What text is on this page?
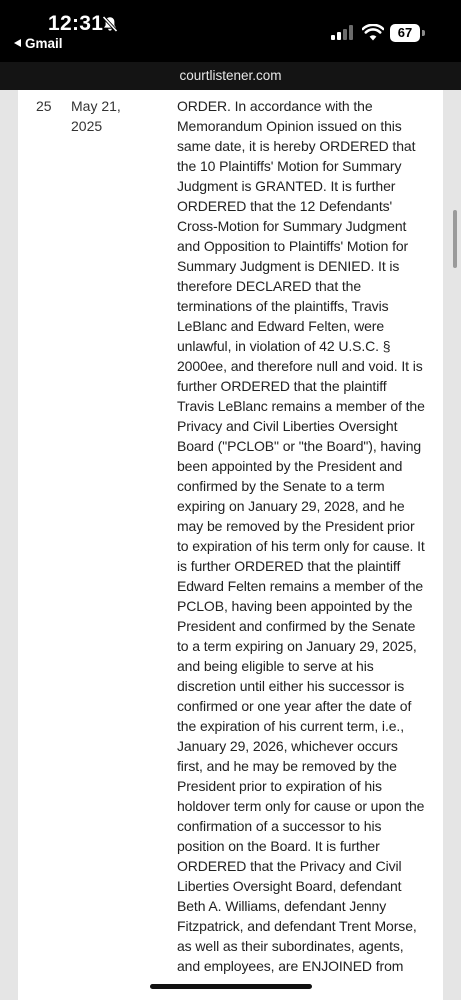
12:31
Gmail
67
courtlistener.com
25 May 21, 2025
ORDER. In accordance with the Memorandum Opinion issued on this same date, it is hereby ORDERED that the 10 Plaintiffs' Motion for Summary Judgment is GRANTED. It is further ORDERED that the 12 Defendants' Cross-Motion for Summary Judgment and Opposition to Plaintiffs' Motion for Summary Judgment is DENIED. It is therefore DECLARED that the terminations of the plaintiffs, Travis LeBlanc and Edward Felten, were unlawful, in violation of 42 U.S.C. § 2000ee, and therefore null and void. It is further ORDERED that the plaintiff Travis LeBlanc remains a member of the Privacy and Civil Liberties Oversight Board ("PCLOB" or "the Board"), having been appointed by the President and confirmed by the Senate to a term expiring on January 29, 2028, and he may be removed by the President prior to expiration of his term only for cause. It is further ORDERED that the plaintiff Edward Felten remains a member of the PCLOB, having been appointed by the President and confirmed by the Senate to a term expiring on January 29, 2025, and being eligible to serve at his discretion until either his successor is confirmed or one year after the date of the expiration of his current term, i.e., January 29, 2026, whichever occurs first, and he may be removed by the President prior to expiration of his holdover term only for cause or upon the confirmation of a successor to his position on the Board. It is further ORDERED that the Privacy and Civil Liberties Oversight Board, defendant Beth A. Williams, defendant Jenny Fitzpatrick, and defendant Trent Morse, as well as their subordinates, agents, and employees, are ENJOINED from
